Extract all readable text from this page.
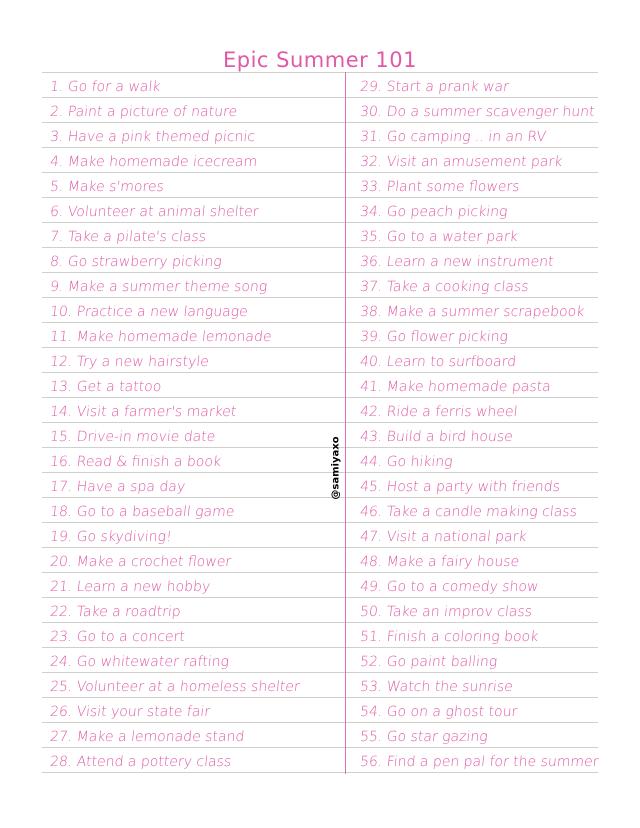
Epic Summer 101
1. Go for a walk
2. Paint a picture of nature
3. Have a pink themed picnic
4. Make homemade icecream
5. Make s'mores
6. Volunteer at animal shelter
7. Take a pilate's class
8. Go strawberry picking
9. Make a summer theme song
10. Practice a new language
11. Make homemade lemonade
12. Try a new hairstyle
13. Get a tattoo
14. Visit a farmer's market
15. Drive-in movie date
16. Read & finish a book
17. Have a spa day
18. Go to a baseball game
19. Go skydiving!
20. Make a crochet flower
21. Learn a new hobby
22. Take a roadtrip
23. Go to a concert
24. Go whitewater rafting
25. Volunteer at a homeless shelter
26. Visit your state fair
27. Make a lemonade stand
28. Attend a pottery class
29. Start a prank war
30. Do a summer scavenger hunt
31. Go camping .. in an RV
32. Visit an amusement park
33. Plant some flowers
34. Go peach picking
35. Go to a water park
36. Learn a new instrument
37. Take a cooking class
38. Make a summer scrapebook
39. Go flower picking
40. Learn to surfboard
41. Make homemade pasta
42. Ride a ferris wheel
43. Build a bird house
44. Go hiking
45. Host a party with friends
46. Take a candle making class
47. Visit a national park
48. Make a fairy house
49. Go to a comedy show
50. Take an improv class
51. Finish a coloring book
52. Go paint balling
53. Watch the sunrise
54. Go on a ghost tour
55. Go star gazing
56. Find a pen pal for the summer
@samiyaxo
